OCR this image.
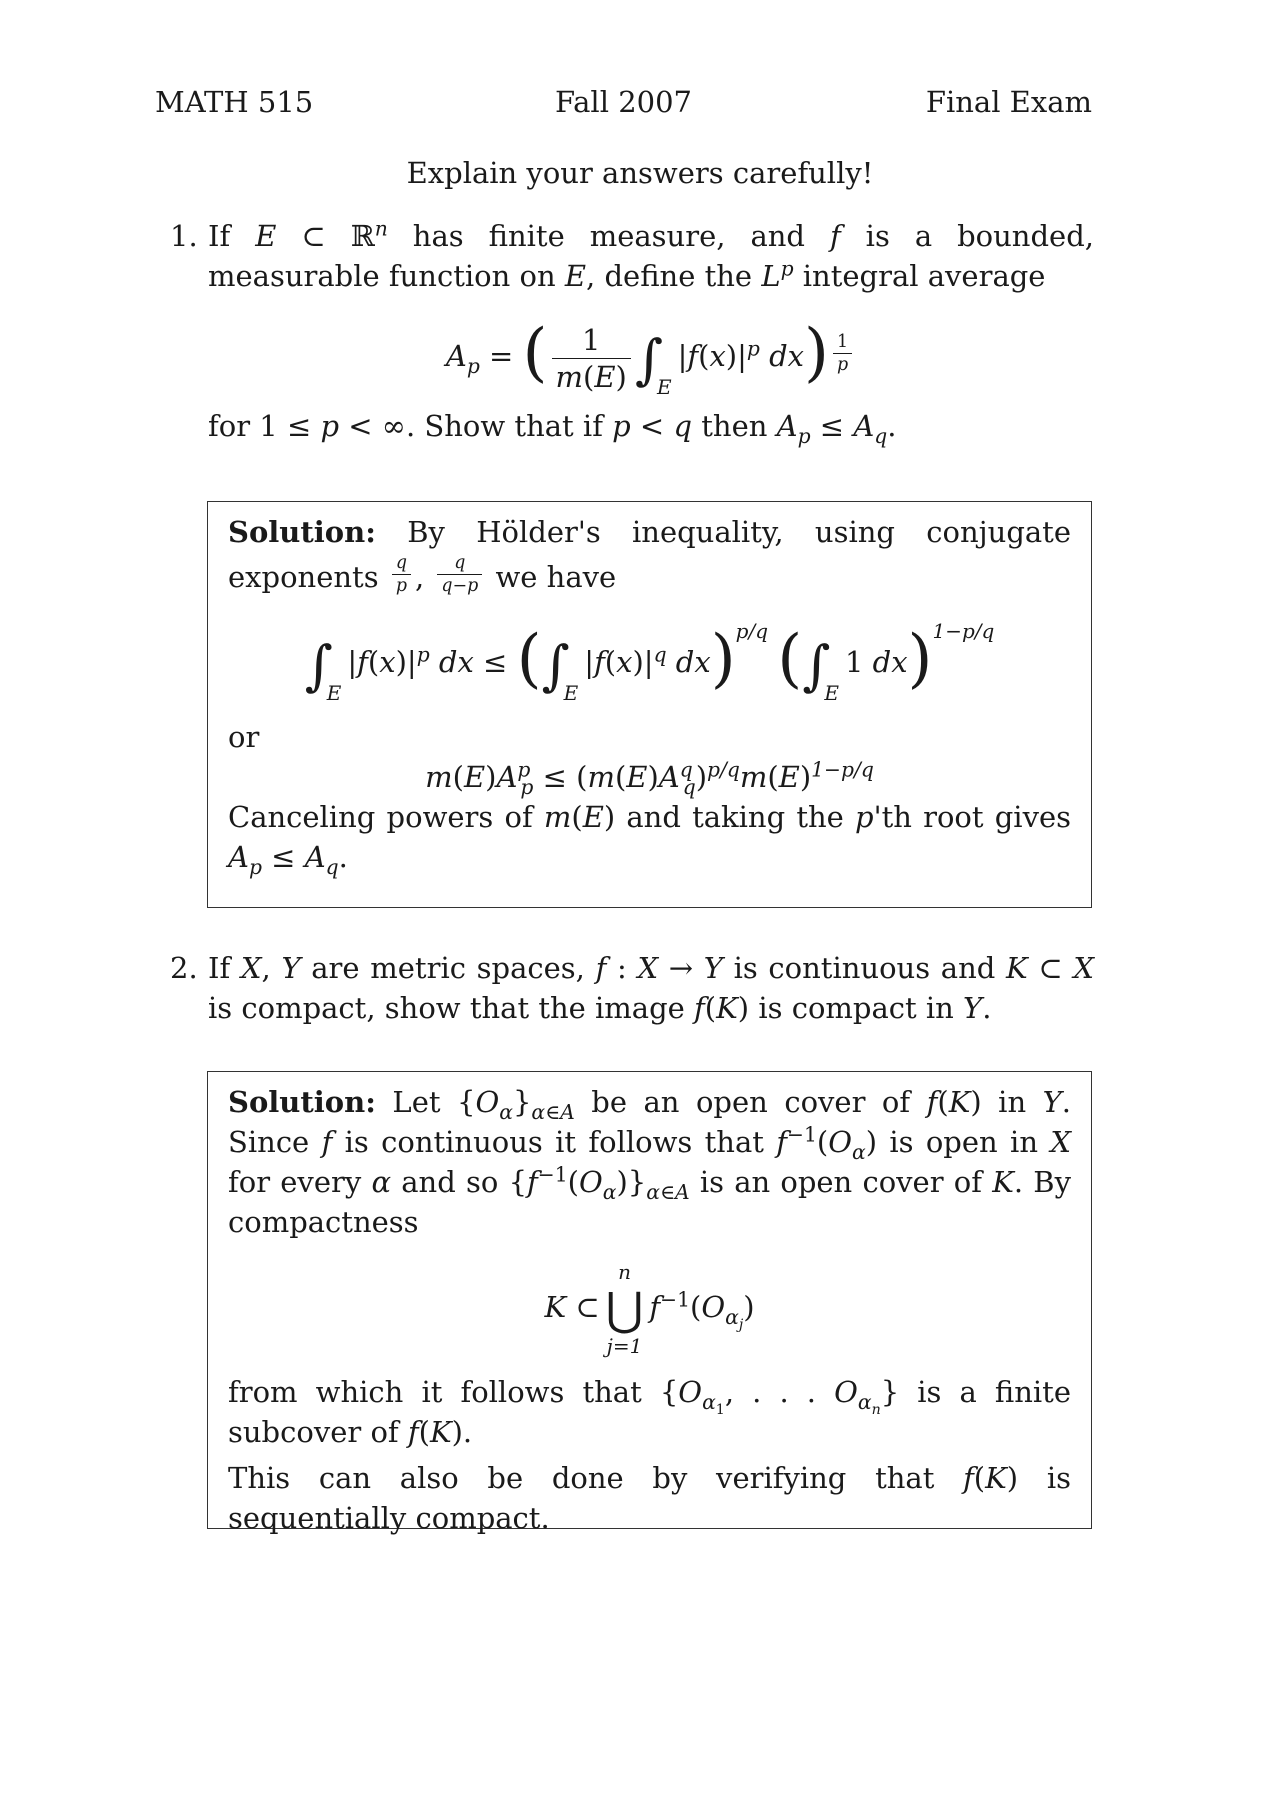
MATH 515	Fall 2007	Final Exam
Explain your answers carefully!
1. If E ⊂ ℝ$^n$ has finite measure, and f is a bounded, measurable function on E, define the $L^p$ integral average

$A_p$ = ( $\frac{1}{m(E)} \int_E|f(x)|^p$ $dx) \frac{1}{p}$

for 1 ≤ p < ∞. Show that if p < q then $A_p \le A_q$.

Solution: By Hölder's inequality, using conjugate exponents $\frac{q}{p}$ , $\frac{q}{q-p}$ we have

$\int_E|f(x)|^p$ dx ≤ ($\int_E|f(x)|^q$ dx)$^{p/q}$ ($\int_E1$ dx)$^{1-p/q}$

or

$m(E)A^p_p \le (m(E)A^q_q)^{p/q}m(E)^{1-p/q}$

Canceling powers of m(E) and taking the p'th root gives $A_p \le A_q$.

2. If X, Y are metric spaces, f : X → Y is continuous and K ⊂ X is compact, show that the image f(K) is compact in Y.

Solution: Let $\{O_\alpha\}_{\alpha\in A}$ be an open cover of f(K) in Y. Since f is continuous it follows that $f^{-1}(O_\alpha)$ is open in X for every α and so $\{f^{-1}(O_\alpha)\}_{\alpha\in A}$ is an open cover of K. By compactness

K ⊂
n
⋃
j=1
$f^{-1}(O_{\alpha_j})$

from which it follows that {$O_{\alpha_1}$, . . . $O_{\alpha_n}$} is a finite subcover of f(K).

This can also be done by verifying that f(K) is sequentially compact.
